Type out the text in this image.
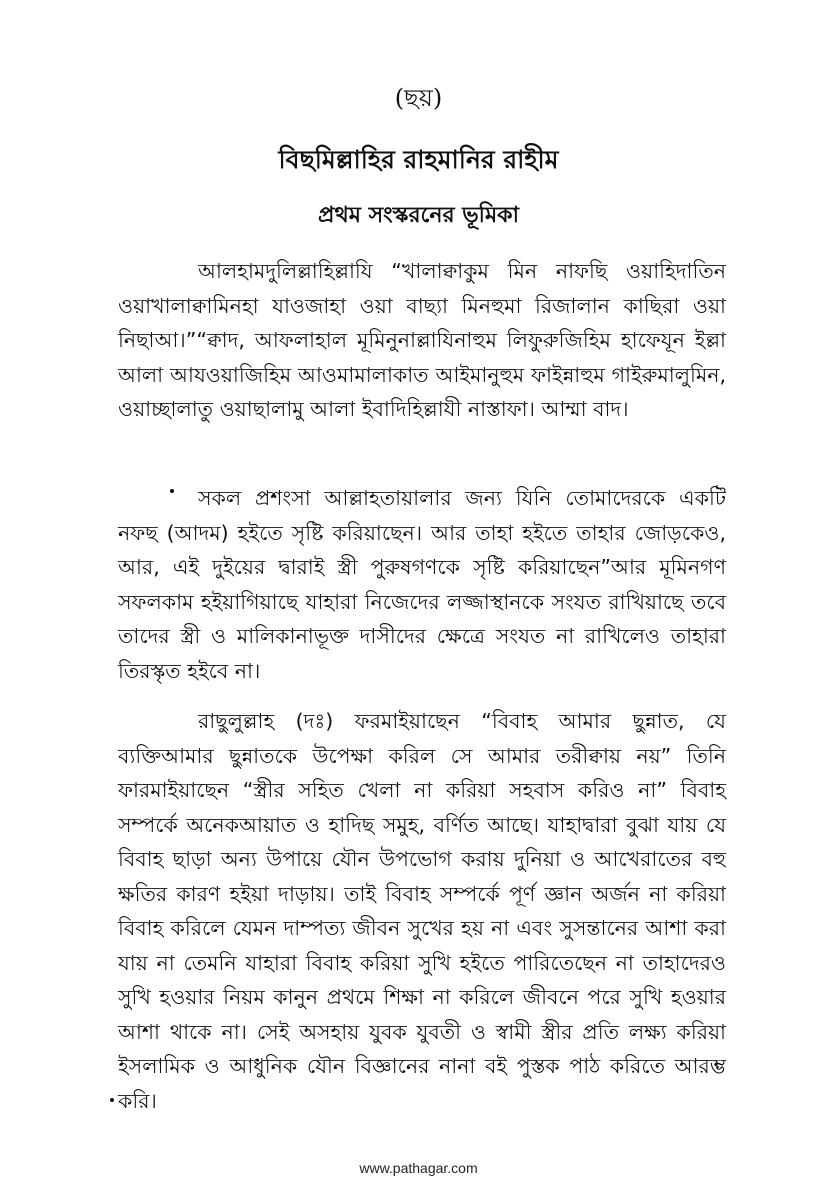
(ছয়)
বিছমিল্লাহির রাহমানির রাহীম
প্রথম সংস্করনের ভূমিকা

আলহামদুলিল্লাহিল্লাযি “খালাক্বাকুম মিন নাফছি ওয়াহিদাতিন ওয়াখালাক্বামিনহা যাওজাহা ওয়া বাছ্যা মিনহুমা রিজালান কাছিরা ওয়া নিছাআ।”“ক্বাদ, আফলাহাল মূমিনুনাল্লাযিনাহুম লিফুরুজিহিম হাফেযূন ইল্লা আলা আযওয়াজিহিম আওমামালাকাত আইমানুহুম ফাইন্নাহুম গাইরুমালুমিন, ওয়াচ্ছালাতু ওয়াছালামু আলা ইবাদিহিল্লাযী নাস্তাফা। আম্মা বাদ।

সকল প্রশংসা আল্লাহতায়ালার জন্য যিনি তোমাদেরকে একটি নফছ (আদম) হইতে সৃষ্টি করিয়াছেন। আর তাহা হইতে তাহার জোড়কেও, আর, এই দুইয়ের দ্বারাই স্ত্রী পুরুষগণকে সৃষ্টি করিয়াছেন”আর মূমিনগণ সফলকাম হইয়াগিয়াছে যাহারা নিজেদের লজ্জাস্থানকে সংযত রাখিয়াছে তবে তাদের স্ত্রী ও মালিকানাভূক্ত দাসীদের ক্ষেত্রে সংযত না রাখিলেও তাহারা তিরস্কৃত হইবে না।

রাছুলুল্লাহ (দঃ) ফরমাইয়াছেন “বিবাহ আমার ছুন্নাত, যে ব্যক্তিআমার ছুন্নাতকে উপেক্ষা করিল সে আমার তরীক্বায় নয়” তিনি ফারমাইয়াছেন “স্ত্রীর সহিত খেলা না করিয়া সহবাস করিও না” বিবাহ সম্পর্কে অনেকআয়াত ও হাদিছ সমুহ, বর্ণিত আছে। যাহাদ্বারা বুঝা যায় যে বিবাহ ছাড়া অন্য উপায়ে যৌন উপভোগ করায় দুনিয়া ও আখেরাতের বহু ক্ষতির কারণ হইয়া দাড়ায়। তাই বিবাহ সম্পর্কে পূর্ণ জ্ঞান অর্জন না করিয়া বিবাহ করিলে যেমন দাম্পত্য জীবন সুখের হয় না এবং সুসন্তানের আশা করা যায় না তেমনি যাহারা বিবাহ করিয়া সুখি হইতে পারিতেছেন না তাহাদেরও সুখি হওয়ার নিয়ম কানুন প্রথমে শিক্ষা না করিলে জীবনে পরে সুখি হওয়ার আশা থাকে না। সেই অসহায় যুবক যুবতী ও স্বামী স্ত্রীর প্রতি লক্ষ্য করিয়া ইসলামিক ও আধুনিক যৌন বিজ্ঞানের নানা বই পুস্তক পাঠ করিতে আরম্ভ করি।

www.pathagar.com
